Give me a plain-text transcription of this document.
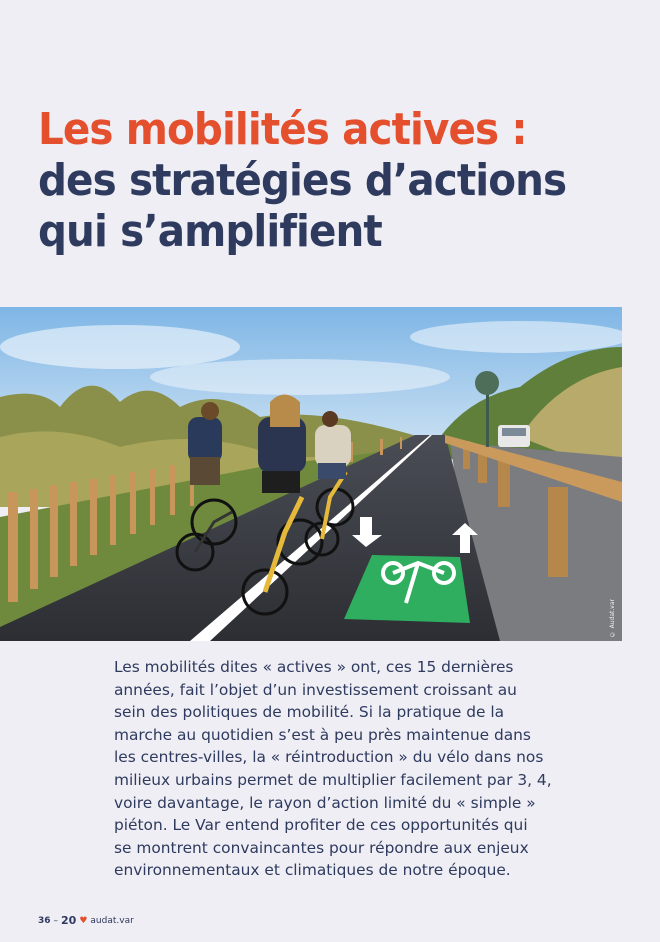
Les mobilités actives :
des stratégies d’actions
qui s’amplifient
© Audat.var
Les mobilités dites « actives » ont, ces 15 dernières
années, fait l’objet d’un investissement croissant au
sein des politiques de mobilité. Si la pratique de la
marche au quotidien s’est à peu près maintenue dans
les centres-villes, la « réintroduction » du vélo dans nos
milieux urbains permet de multiplier facilement par 3, 4,
voire davantage, le rayon d’action limité du « simple »
piéton. Le Var entend profiter de ces opportunités qui
se montrent convaincantes pour répondre aux enjeux
environnementaux et climatiques de notre époque.
36 – 20 ♥ audat.var
